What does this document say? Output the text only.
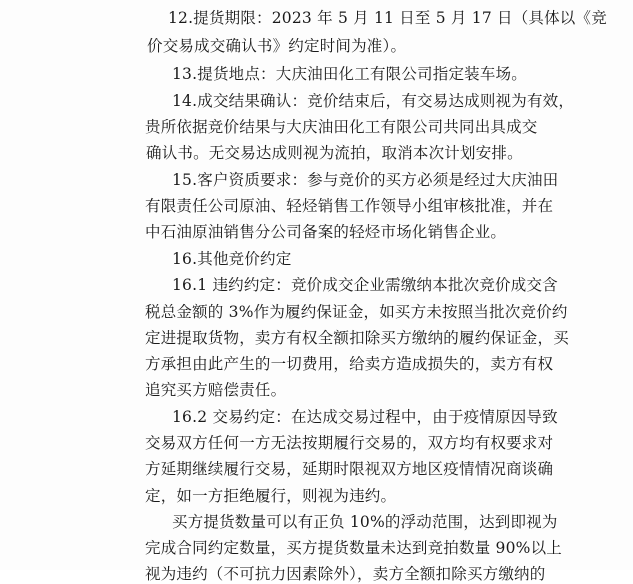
12.提货期限：2023 年 5 月 11 日至 5 月 17 日（具体以《竞
价交易成交确认书》约定时间为准）。
13.提货地点：大庆油田化工有限公司指定装车场。
14.成交结果确认：竞价结束后，有交易达成则视为有效，
贵所依据竞价结果与大庆油田化工有限公司共同出具成交
确认书。无交易达成则视为流拍，取消本次计划安排。
15.客户资质要求：参与竞价的买方必须是经过大庆油田
有限责任公司原油、轻烃销售工作领导小组审核批准，并在
中石油原油销售分公司备案的轻烃市场化销售企业。
16.其他竞价约定
16.1 违约约定：竞价成交企业需缴纳本批次竞价成交含
税总金额的 3%作为履约保证金，如买方未按照当批次竞价约
定进提取货物，卖方有权全额扣除买方缴纳的履约保证金，买
方承担由此产生的一切费用，给卖方造成损失的，卖方有权
追究买方赔偿责任。
16.2 交易约定：在达成交易过程中，由于疫情原因导致
交易双方任何一方无法按期履行交易的，双方均有权要求对
方延期继续履行交易，延期时限视双方地区疫情情况商谈确
定，如一方拒绝履行，则视为违约。
买方提货数量可以有正负 10%的浮动范围，达到即视为
完成合同约定数量，买方提货数量未达到竞拍数量 90%以上
视为违约（不可抗力因素除外），卖方全额扣除买方缴纳的
